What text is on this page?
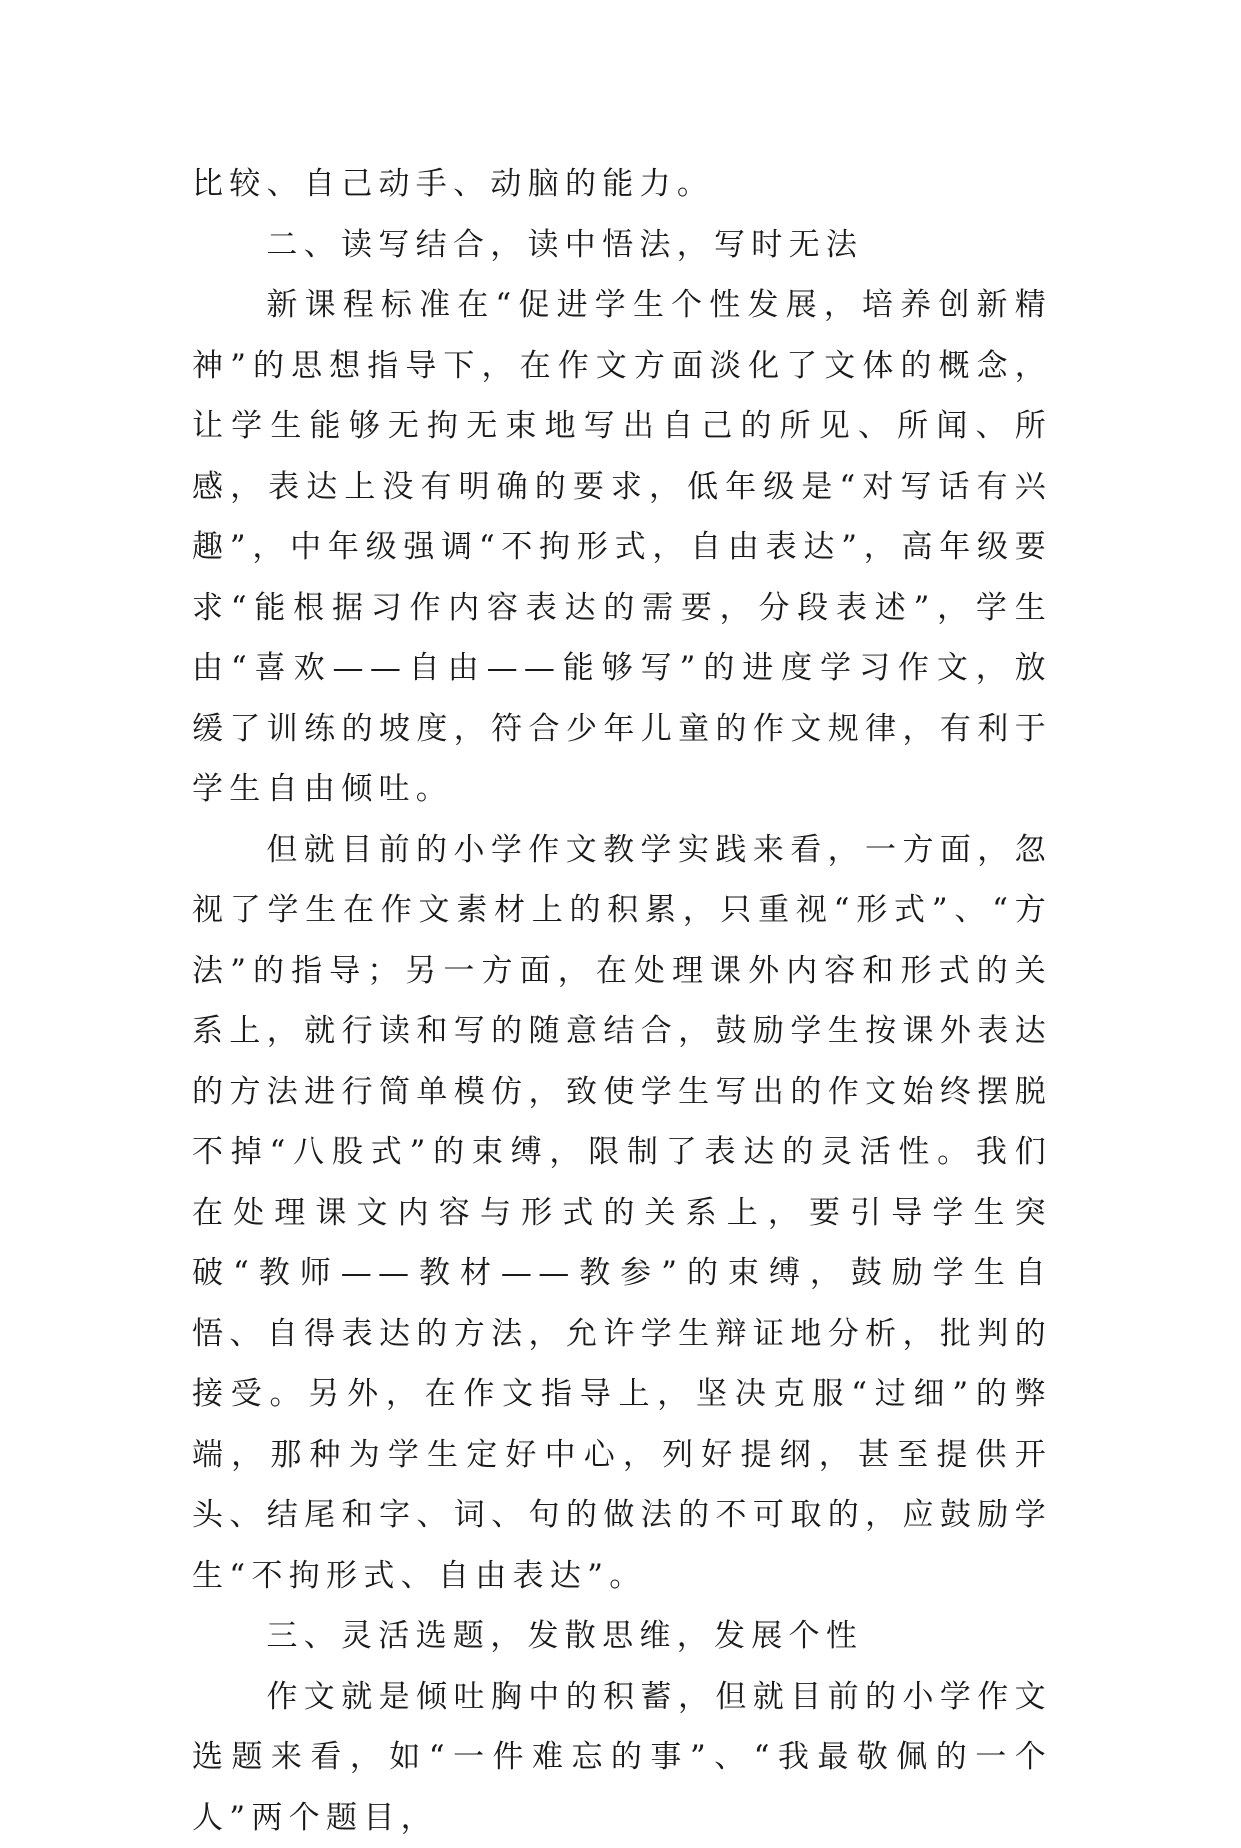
比较、自己动手、动脑的能力。

二、读写结合，读中悟法，写时无法

新课程标准在“促进学生个性发展，培养创新精神”的思想指导下，在作文方面淡化了文体的概念，让学生能够无拘无束地写出自己的所见、所闻、所感，表达上没有明确的要求，低年级是“对写话有兴趣”，中年级强调“不拘形式，自由表达”，高年级要求“能根据习作内容表达的需要，分段表述”，学生由“喜欢——自由——能够写”的进度学习作文，放缓了训练的坡度，符合少年儿童的作文规律，有利于学生自由倾吐。

但就目前的小学作文教学实践来看，一方面，忽视了学生在作文素材上的积累，只重视“形式”、“方法”的指导；另一方面，在处理课外内容和形式的关系上，就行读和写的随意结合，鼓励学生按课外表达的方法进行简单模仿，致使学生写出的作文始终摆脱不掉“八股式”的束缚，限制了表达的灵活性。我们在处理课文内容与形式的关系上，要引导学生突破“教师——教材——教参”的束缚，鼓励学生自悟、自得表达的方法，允许学生辩证地分析，批判的接受。另外，在作文指导上，坚决克服“过细”的弊端，那种为学生定好中心，列好提纲，甚至提供开头、结尾和字、词、句的做法的不可取的，应鼓励学生“不拘形式、自由表达”。

三、灵活选题，发散思维，发展个性

作文就是倾吐胸中的积蓄，但就目前的小学作文选题来看，如“一件难忘的事”、“我最敬佩的一个人”两个题目，
